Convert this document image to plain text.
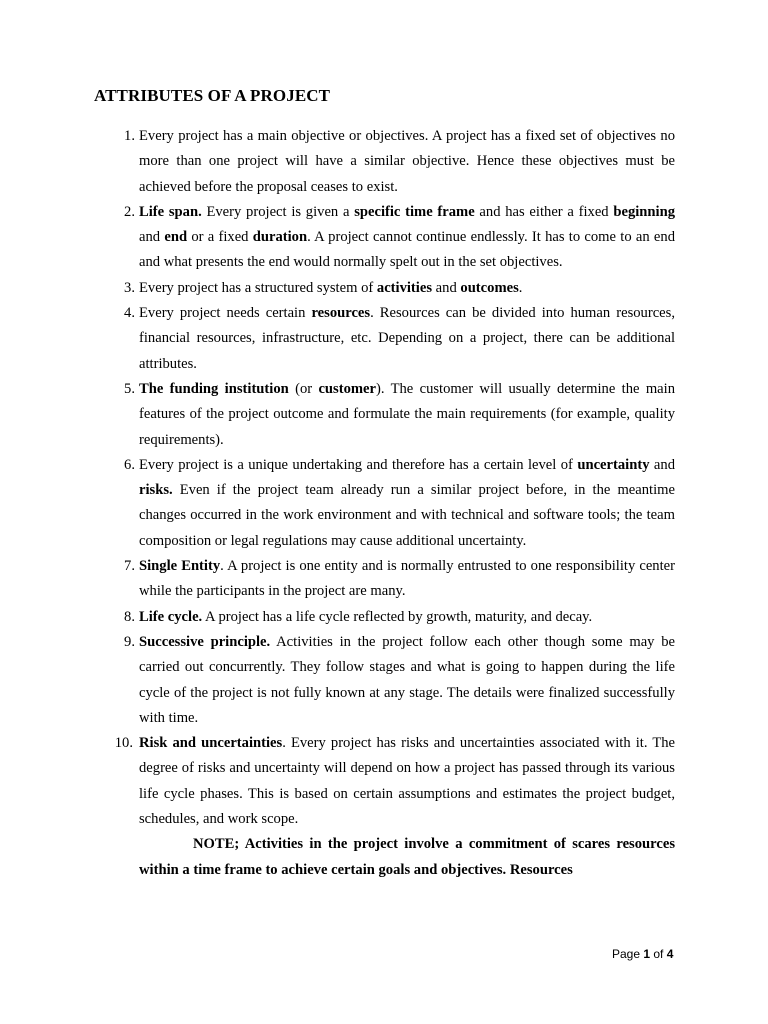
ATTRIBUTES OF A PROJECT
1. Every project has a main objective or objectives. A project has a fixed set of objectives no more than one project will have a similar objective. Hence these objectives must be achieved before the proposal ceases to exist.
2. Life span. Every project is given a specific time frame and has either a fixed beginning and end or a fixed duration. A project cannot continue endlessly. It has to come to an end and what presents the end would normally spelt out in the set objectives.
3. Every project has a structured system of activities and outcomes.
4. Every project needs certain resources. Resources can be divided into human resources, financial resources, infrastructure, etc. Depending on a project, there can be additional attributes.
5. The funding institution (or customer). The customer will usually determine the main features of the project outcome and formulate the main requirements (for example, quality requirements).
6. Every project is a unique undertaking and therefore has a certain level of uncertainty and risks. Even if the project team already run a similar project before, in the meantime changes occurred in the work environment and with technical and software tools; the team composition or legal regulations may cause additional uncertainty.
7. Single Entity. A project is one entity and is normally entrusted to one responsibility center while the participants in the project are many.
8. Life cycle. A project has a life cycle reflected by growth, maturity, and decay.
9. Successive principle. Activities in the project follow each other though some may be carried out concurrently. They follow stages and what is going to happen during the life cycle of the project is not fully known at any stage. The details were finalized successfully with time.
10. Risk and uncertainties. Every project has risks and uncertainties associated with it. The degree of risks and uncertainty will depend on how a project has passed through its various life cycle phases. This is based on certain assumptions and estimates the project budget, schedules, and work scope.
NOTE; Activities in the project involve a commitment of scares resources within a time frame to achieve certain goals and objectives. Resources
Page 1 of 4
